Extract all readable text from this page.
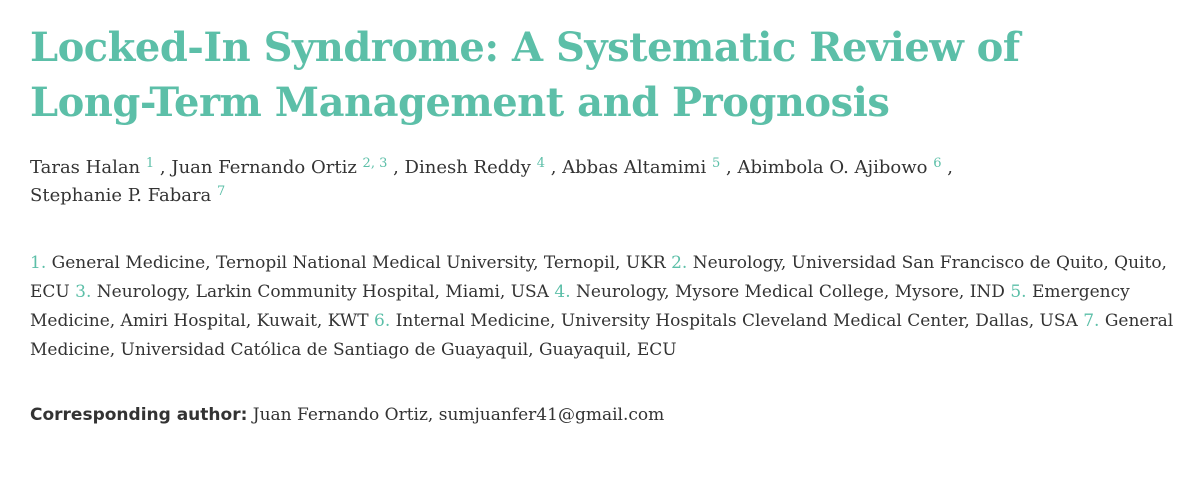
Locked-In Syndrome: A Systematic Review of
Long-Term Management and Prognosis
Taras Halan $^1$ , Juan Fernando Ortiz $^{2, 3}$ , Dinesh Reddy $^4$ , Abbas Altamimi $^5$ , Abimbola O. Ajibowo $^6$ ,
Stephanie P. Fabara $^7$
1. General Medicine, Ternopil National Medical University, Ternopil, UKR 2. Neurology, Universidad San Francisco de Quito, Quito, ECU 3. Neurology, Larkin Community Hospital, Miami, USA 4. Neurology, Mysore Medical College, Mysore, IND 5. Emergency Medicine, Amiri Hospital, Kuwait, KWT 6. Internal Medicine, University Hospitals Cleveland Medical Center, Dallas, USA 7. General Medicine, Universidad Católica de Santiago de Guayaquil, Guayaquil, ECU
Corresponding author: Juan Fernando Ortiz, sumjuanfer41@gmail.com
